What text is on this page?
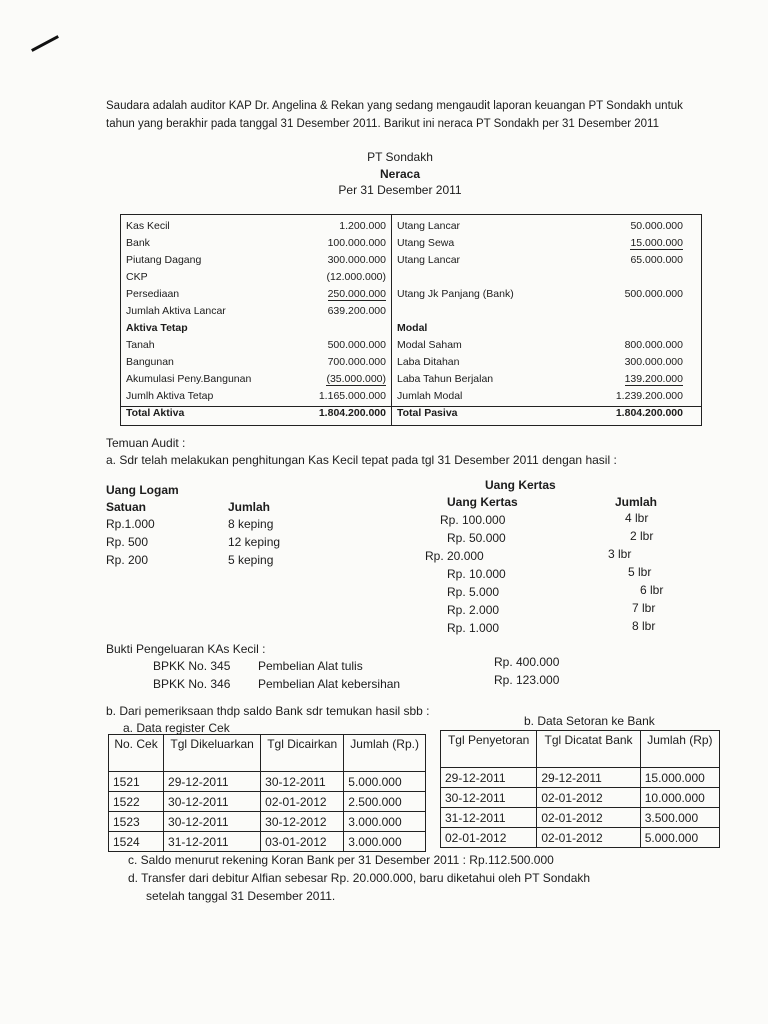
Saudara adalah auditor KAP Dr. Angelina & Rekan yang sedang mengaudit laporan keuangan PT Sondakh untuk tahun yang berakhir pada tanggal 31 Desember 2011. Barikut ini neraca PT Sondakh per 31 Desember 2011
PT Sondakh
Neraca
Per 31 Desember 2011
Kas Kecil	1.200.000 Utang Lancar	50.000.000
Bank	100.000.000 Utang Sewa	15.000.000
Piutang Dagang	300.000.000 Utang Lancar	65.000.000
CKP	(12.000.000)
Persediaan	250.000.000 Utang Jk Panjang (Bank)	500.000.000
Jumlah Aktiva Lancar	639.200.000
Aktiva Tetap	Modal
Tanah	500.000.000 Modal Saham	800.000.000
Bangunan	700.000.000 Laba Ditahan	300.000.000
Akumulasi Peny.Bangunan	(35.000.000) Laba Tahun Berjalan	139.200.000
Jumlh Aktiva Tetap	1.165.000.000 Jumlah Modal	1.239.200.000
Total Aktiva	1.804.200.000 Total Pasiva	1.804.200.000
Temuan Audit :
a. Sdr telah melakukan penghitungan Kas Kecil tepat pada tgl 31 Desember 2011 dengan hasil :
Uang Logam
Satuan	Jumlah
Rp.1.000	8 keping
Rp. 500	12 keping
Rp. 200	5 keping
Uang Kertas
Uang Kertas	Jumlah
Rp. 100.000	4 lbr
Rp. 50.000	2 lbr
Rp. 20.000	3 lbr
Rp. 10.000	5 lbr
Rp. 5.000	6 lbr
Rp. 2.000	7 lbr
Rp. 1.000	8 lbr
Bukti Pengeluaran KAs Kecil :
BPKK No. 345 Pembelian Alat tulis	Rp. 400.000
BPKK No. 346 Pembelian Alat kebersihan	Rp. 123.000
b. Dari pemeriksaan thdp saldo Bank sdr temukan hasil sbb :
a. Data register Cek	b. Data Setoran ke Bank
No. Cek	Tgl Dikeluarkan	Tgl Dicairkan	Jumlah (Rp.)
1521	29-12-2011	30-12-2011	5.000.000
1522	30-12-2011	02-01-2012	2.500.000
1523	30-12-2011	30-12-2012	3.000.000
1524	31-12-2011	03-01-2012	3.000.000
Tgl Penyetoran	Tgl Dicatat Bank	Jumlah (Rp)
29-12-2011	29-12-2011	15.000.000
30-12-2011	02-01-2012	10.000.000
31-12-2011	02-01-2012	3.500.000
02-01-2012	02-01-2012	5.000.000
c. Saldo menurut rekening Koran Bank per 31 Desember 2011 : Rp.112.500.000
d. Transfer dari debitur Alfian sebesar Rp. 20.000.000, baru diketahui oleh PT Sondakh
setelah tanggal 31 Desember 2011.
